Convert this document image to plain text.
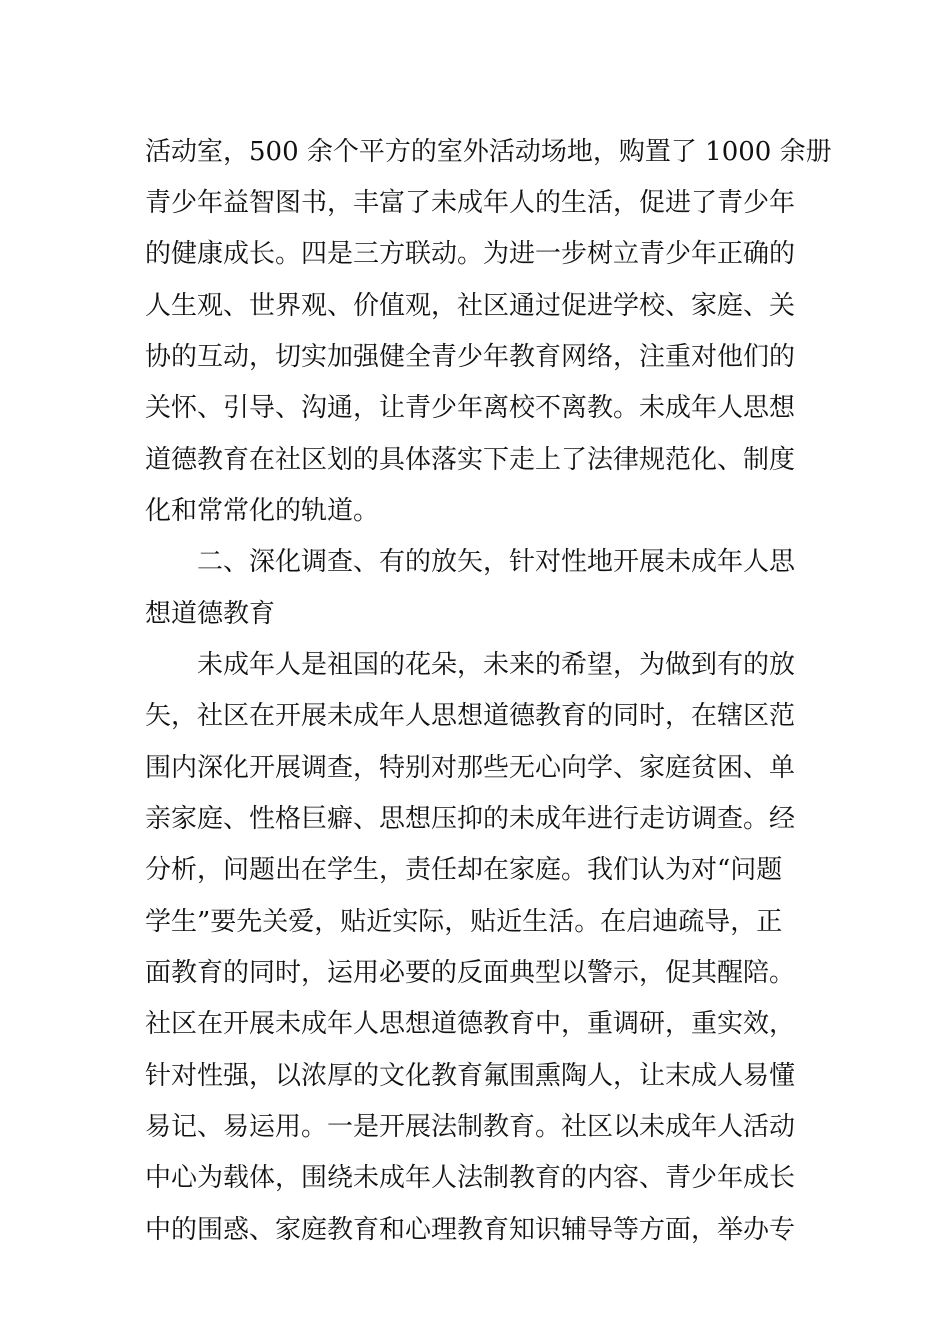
活动室，500 余个平方的室外活动场地，购置了 1000 余册
青少年益智图书，丰富了未成年人的生活，促进了青少年
的健康成长。四是三方联动。为进一步树立青少年正确的
人生观、世界观、价值观，社区通过促进学校、家庭、关
协的互动，切实加强健全青少年教育网络，注重对他们的
关怀、引导、沟通，让青少年离校不离教。未成年人思想
道德教育在社区划的具体落实下走上了法律规范化、制度
化和常常化的轨道。
二、深化调查、有的放矢，针对性地开展未成年人思
想道德教育
未成年人是祖国的花朵，未来的希望，为做到有的放
矢，社区在开展未成年人思想道德教育的同时，在辖区范
围内深化开展调查，特别对那些无心向学、家庭贫困、单
亲家庭、性格巨癖、思想压抑的未成年进行走访调查。经
分析，问题出在学生，责任却在家庭。我们认为对“问题
学生”要先关爱，贴近实际，贴近生活。在启迪疏导，正
面教育的同时，运用必要的反面典型以警示，促其醒陪。
社区在开展未成年人思想道德教育中，重调研，重实效，
针对性强，以浓厚的文化教育氟围熏陶人，让末成人易懂
易记、易运用。一是开展法制教育。社区以未成年人活动
中心为载体，围绕未成年人法制教育的内容、青少年成长
中的围惑、家庭教育和心理教育知识辅导等方面，举办专
